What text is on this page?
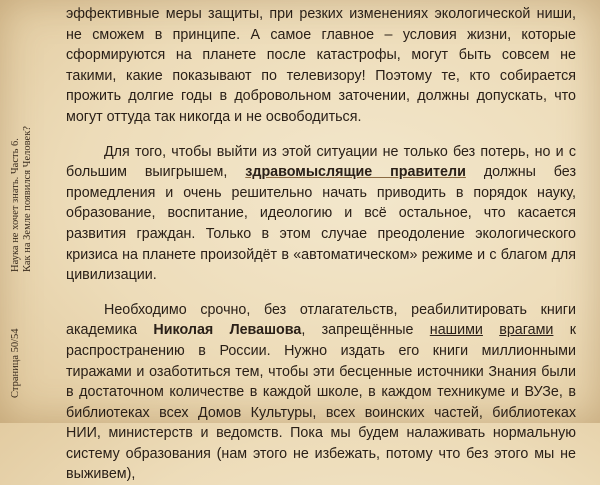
Наука не хочет знать. Часть 6. Как на Земле появился Человек?
Страница 50/54

эффективные меры защиты, при резких изменениях экологической ниши, не сможем в принципе. А самое главное – условия жизни, которые сформируются на планете после катастрофы, могут быть совсем не такими, какие показывают по телевизору! Поэтому те, кто собирается прожить долгие годы в добровольном заточении, должны допускать, что могут оттуда так никогда и не освободиться.

Для того, чтобы выйти из этой ситуации не только без потерь, но и с большим выигрышем, здравомыслящие правители должны без промедления и очень решительно начать приводить в порядок науку, образование, воспитание, идеологию и всё остальное, что касается развития граждан. Только в этом случае преодоление экологического кризиса на планете произойдёт в «автоматическом» режиме и с благом для цивилизации.

Необходимо срочно, без отлагательств, реабилитировать книги академика Николая Левашова, запрещённые нашими врагами к распространению в России. Нужно издать его книги миллионными тиражами и озаботиться тем, чтобы эти бесценные источники Знания были в достаточном количестве в каждой школе, в каждом техникуме и ВУЗе, в библиотеках всех Домов Культуры, всех воинских частей, библиотеках НИИ, министерств и ведомств. Пока мы будем налаживать нормальную систему образования (нам этого не избежать, потому что без этого мы не выживем),
